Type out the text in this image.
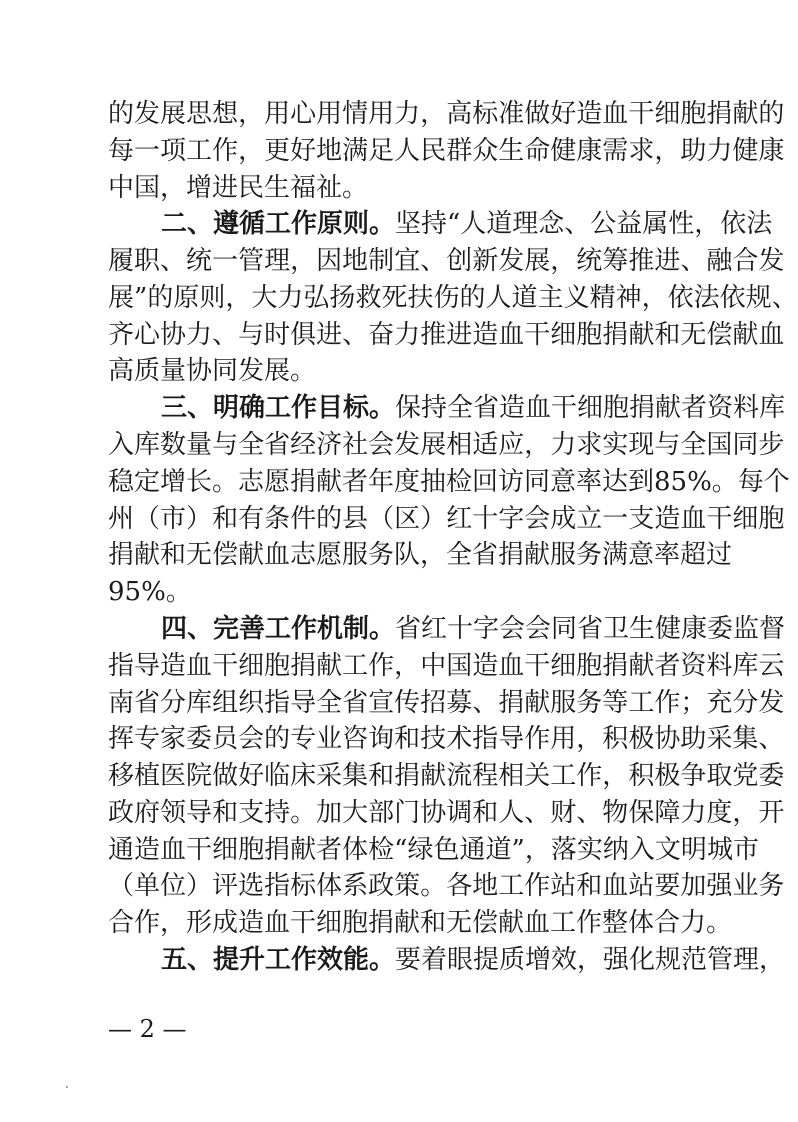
的 发 展 思 想 ， 用 心 用 情 用 力 ， 高 标 准 做 好 造 血 干 细 胞 捐 献 的
每 一 项 工 作 ， 更 好 地 满 足 人 民 群 众 生 命 健 康 需 求 ， 助 力 健 康
中国，增进民生福祉。
二、遵循工作原则。坚持“人道理念、公益属性，依法
履 职 、 统 一 管 理 ， 因 地 制 宜 、 创 新 发 展 ， 统 筹 推 进 、 融 合 发
展 ” 的 原 则 ， 大 力 弘 扬 救 死 扶 伤 的 人 道 主 义 精 神 ， 依 法 依 规 、
齐 心 协 力 、 与 时 俱 进 、 奋 力 推 进 造 血 干 细 胞 捐 献 和 无 偿 献 血
高质量协同发展。
三、明确工作目标。保持全省造血干细胞捐献者资料库
入 库 数 量 与 全 省 经 济 社 会 发 展 相 适 应 ， 力 求 实 现 与 全 国 同 步
稳定增长。志愿捐献者年度抽检回访同意率达到85%。每个
州 （ 市 ） 和 有 条 件 的 县 （ 区 ） 红 十 字 会 成 立 一 支 造 血 干 细 胞
捐献和无偿献血志愿服务队，全省捐献服务满意率超过
95%。
四、完善工作机制。省红十字会会同省卫生健康委监督
指 导 造 血 干 细 胞 捐 献 工 作 ， 中 国 造 血 干 细 胞 捐 献 者 资 料 库 云
南 省 分 库 组 织 指 导 全 省 宣 传 招 募 、 捐 献 服 务 等 工 作 ； 充 分 发
挥 专 家 委 员 会 的 专 业 咨 询 和 技 术 指 导 作 用 ， 积 极 协 助 采 集 、
移 植 医 院 做 好 临 床 采 集 和 捐 献 流 程 相 关 工 作 ， 积 极 争 取 党 委
政 府 领 导 和 支 持 。 加 大 部 门 协 调 和 人 、 财 、 物 保 障 力 度 ， 开
通 造 血 干 细 胞 捐 献 者 体 检 “ 绿 色 通 道 ” ， 落 实 纳 入 文 明 城 市
— 2 —
（ 单 位 ） 评 选 指 标 体 系 政 策 。 各 地 工 作 站 和 血 站 要 加 强 业 务
合作，形成造血干细胞捐献和无偿献血工作整体合力。
五、提升工作效能。要着眼提质增效，强化规范管理，
